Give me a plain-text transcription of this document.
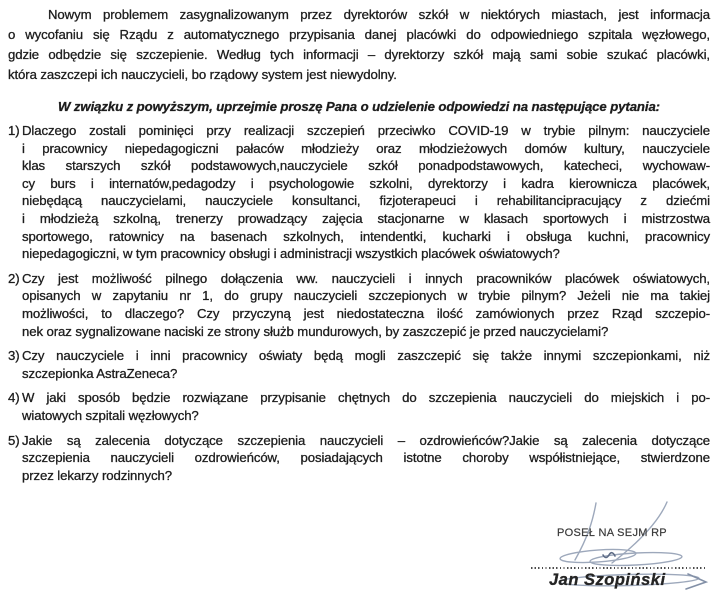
Nowym problemem zasygnalizowanym przez dyrektorów szkół w niektórych miastach, jest informacja
o wycofaniu się Rządu z automatycznego przypisania danej placówki do odpowiedniego szpitala węzłowego,
gdzie odbędzie się szczepienie. Według tych informacji – dyrektorzy szkół mają sami sobie szukać placówki,
która zaszczepi ich nauczycieli, bo rządowy system jest niewydolny.
W związku z powyższym, uprzejmie proszę Pana o udzielenie odpowiedzi na następujące pytania:
1) Dlaczego zostali pominięci przy realizacji szczepień przeciwko COVID-19 w trybie pilnym: nauczyciele
i pracownicy niepedagogiczni pałaców młodzieży oraz młodzieżowych domów kultury, nauczyciele
klas starszych szkół podstawowych,nauczyciele szkół ponadpodstawowych, katecheci, wychowaw-
cy burs i internatów,pedagodzy i psychologowie szkolni, dyrektorzy i kadra kierownicza placówek,
niebędącą nauczycielami, nauczyciele konsultanci, fizjoterapeuci i rehabilitancipracujący z dziećmi
i młodzieżą szkolną, trenerzy prowadzący zajęcia stacjonarne w klasach sportowych i mistrzostwa
sportowego, ratownicy na basenach szkolnych, intendentki, kucharki i obsługa kuchni, pracownicy
niepedagogiczni, w tym pracownicy obsługi i administracji wszystkich placówek oświatowych?
2) Czy jest możliwość pilnego dołączenia ww. nauczycieli i innych pracowników placówek oświatowych,
opisanych w zapytaniu nr 1, do grupy nauczycieli szczepionych w trybie pilnym? Jeżeli nie ma takiej
możliwości, to dlaczego? Czy przyczyną jest niedostateczna ilość zamówionych przez Rząd szczepio-
nek oraz sygnalizowane naciski ze strony służb mundurowych, by zaszczepić je przed nauczycielami?
3) Czy nauczyciele i inni pracownicy oświaty będą mogli zaszczepić się także innymi szczepionkami, niż
szczepionka AstraZeneca?
4) W jaki sposób będzie rozwiązane przypisanie chętnych do szczepienia nauczycieli do miejskich i po-
wiatowych szpitali węzłowych?
5) Jakie są zalecenia dotyczące szczepienia nauczycieli – ozdrowieńców?Jakie są zalecenia dotyczące
szczepienia nauczycieli ozdrowieńców, posiadających istotne choroby współistniejące, stwierdzone
przez lekarzy rodzinnych?
POSEŁ NA SEJM RP
Jan Szopiński
